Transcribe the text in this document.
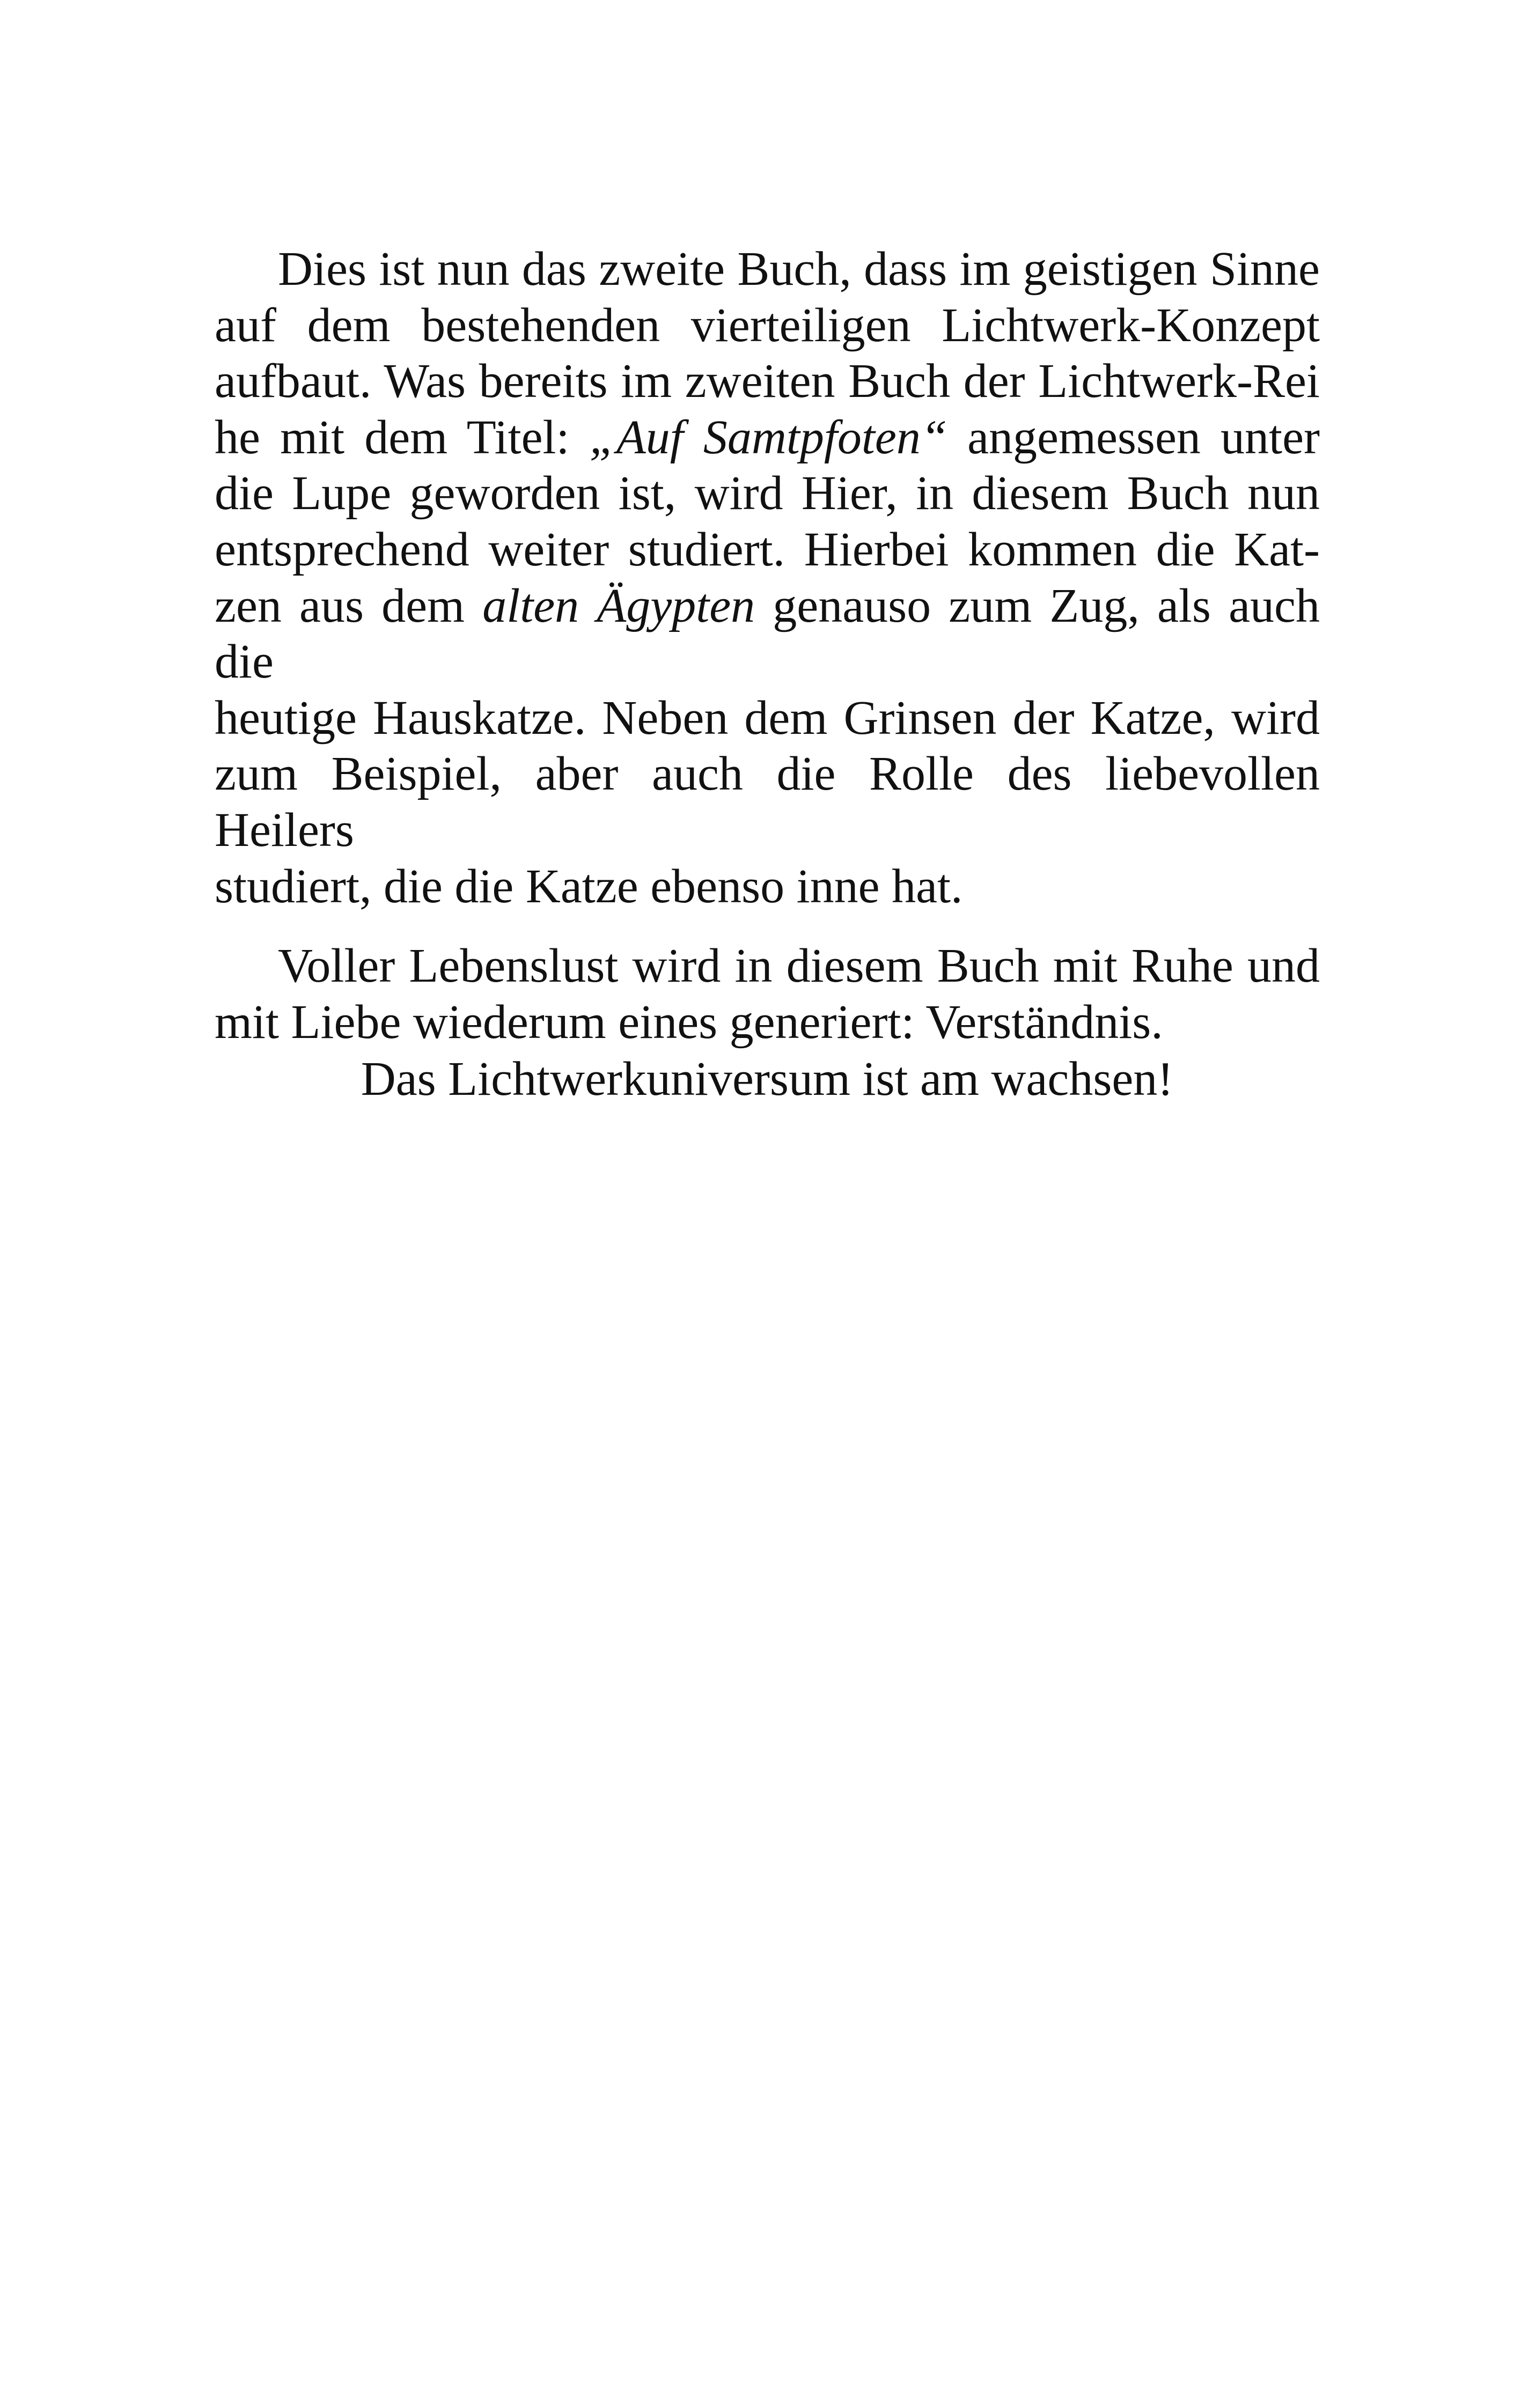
Dies ist nun das zweite Buch, dass im geistigen Sinne
auf dem bestehenden vierteiligen Lichtwerk-Konzept
aufbaut. Was bereits im zweiten Buch der Lichtwerk-Rei
he mit dem Titel: „Auf Samtpfoten“ angemessen unter
die Lupe geworden ist, wird Hier, in diesem Buch nun
entsprechend weiter studiert. Hierbei kommen die Kat-
zen aus dem alten Ägypten genauso zum Zug, als auch die
heutige Hauskatze. Neben dem Grinsen der Katze, wird
zum Beispiel, aber auch die Rolle des liebevollen Heilers
studiert, die die Katze ebenso inne hat.

Voller Lebenslust wird in diesem Buch mit Ruhe und
mit Liebe wiederum eines generiert: Verständnis.

Das Lichtwerkuniversum ist am wachsen!
